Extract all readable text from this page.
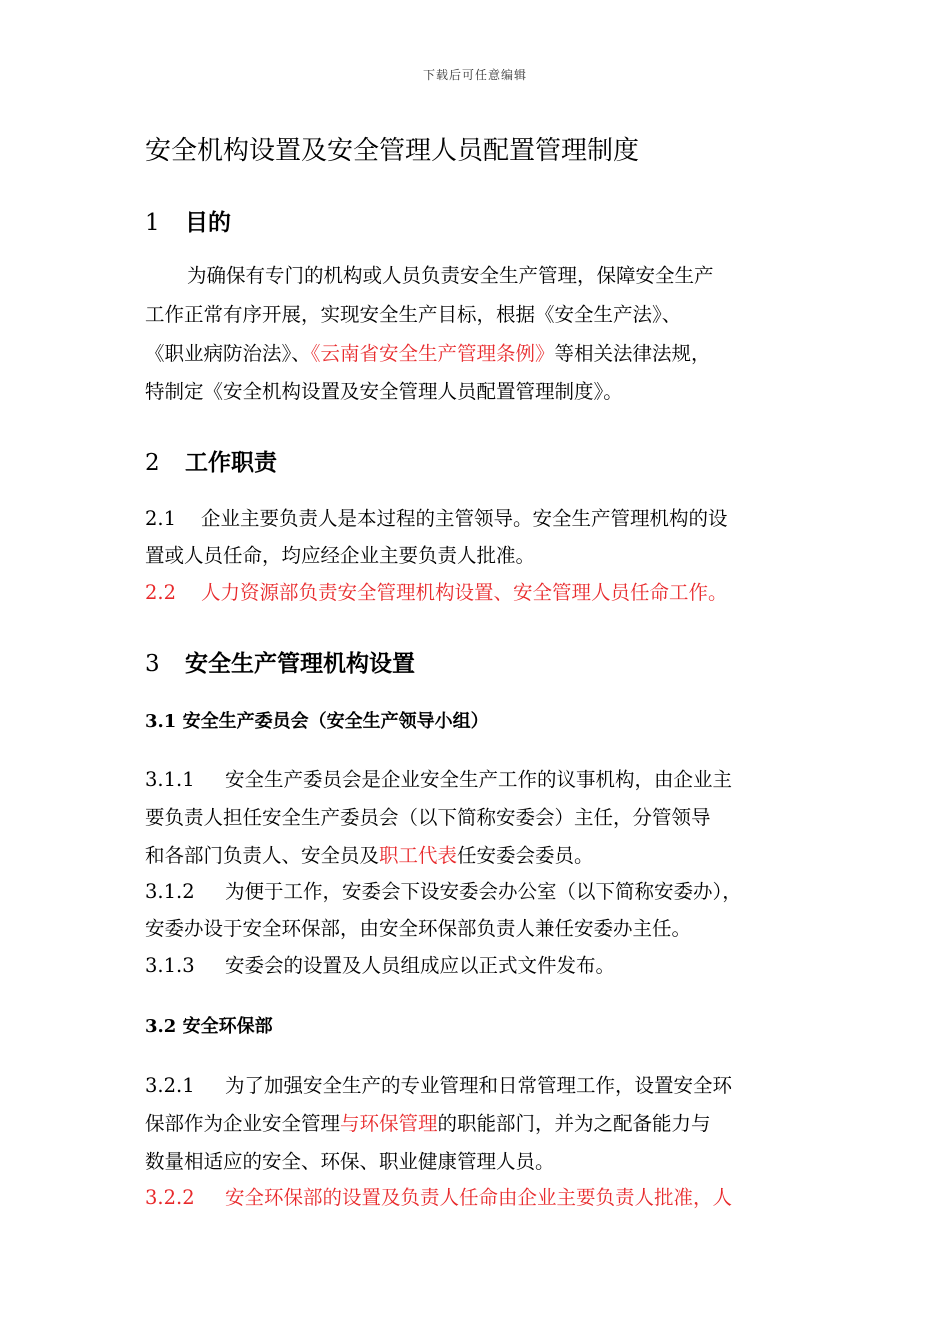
下载后可任意编辑
安全机构设置及安全管理人员配置管理制度
1 目的
为确保有专门的机构或人员负责安全生产管理，保障安全生产
工作正常有序开展，实现安全生产目标，根据《安全生产法》、
《职业病防治法》、《云南省安全生产管理条例》等相关法律法规，
特制定《安全机构设置及安全管理人员配置管理制度》。
2 工作职责
2.1 企业主要负责人是本过程的主管领导。安全生产管理机构的设
置或人员任命，均应经企业主要负责人批准。
2.2 人力资源部负责安全管理机构设置、安全管理人员任命工作。
3 安全生产管理机构设置
3.1 安全生产委员会（安全生产领导小组）
3.1.1 安全生产委员会是企业安全生产工作的议事机构，由企业主
要负责人担任安全生产委员会（以下简称安委会）主任，分管领导
和各部门负责人、安全员及职工代表任安委会委员。
3.1.2 为便于工作，安委会下设安委会办公室（以下简称安委办），
安委办设于安全环保部，由安全环保部负责人兼任安委办主任。
3.1.3 安委会的设置及人员组成应以正式文件发布。
3.2 安全环保部
3.2.1 为了加强安全生产的专业管理和日常管理工作，设置安全环
保部作为企业安全管理与环保管理的职能部门，并为之配备能力与
数量相适应的安全、环保、职业健康管理人员。
3.2.2 安全环保部的设置及负责人任命由企业主要负责人批准，人
